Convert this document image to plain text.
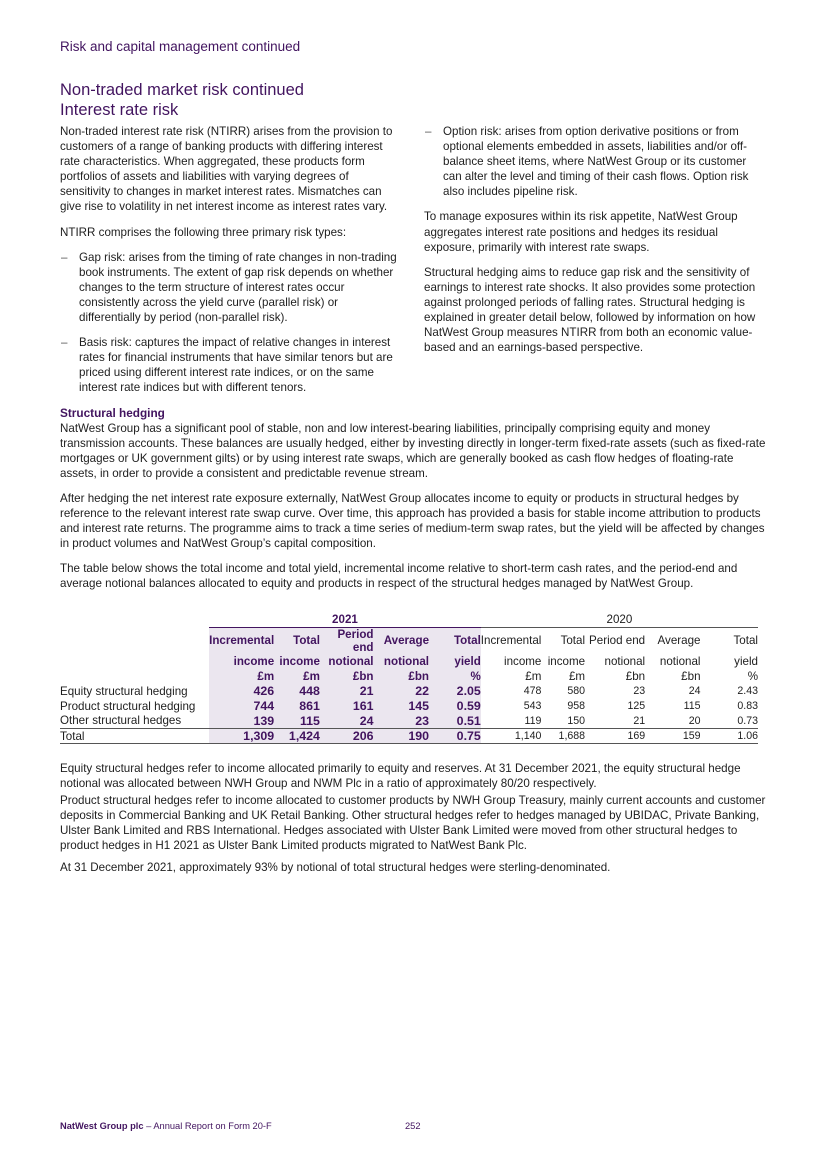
Risk and capital management continued
Non-traded market risk continued
Interest rate risk

Non-traded interest rate risk (NTIRR) arises from the provision to customers of a range of banking products with differing interest rate characteristics. When aggregated, these products form portfolios of assets and liabilities with varying degrees of sensitivity to changes in market interest rates. Mismatches can give rise to volatility in net interest income as interest rates vary.

NTIRR comprises the following three primary risk types:

– Gap risk: arises from the timing of rate changes in non-trading book instruments. The extent of gap risk depends on whether changes to the term structure of interest rates occur consistently across the yield curve (parallel risk) or differentially by period (non-parallel risk).
– Basis risk: captures the impact of relative changes in interest rates for financial instruments that have similar tenors but are priced using different interest rate indices, or on the same interest rate indices but with different tenors.
– Option risk: arises from option derivative positions or from optional elements embedded in assets, liabilities and/or off-balance sheet items, where NatWest Group or its customer can alter the level and timing of their cash flows. Option risk also includes pipeline risk.

To manage exposures within its risk appetite, NatWest Group aggregates interest rate positions and hedges its residual exposure, primarily with interest rate swaps.

Structural hedging aims to reduce gap risk and the sensitivity of earnings to interest rate shocks. It also provides some protection against prolonged periods of falling rates. Structural hedging is explained in greater detail below, followed by information on how NatWest Group measures NTIRR from both an economic value-based and an earnings-based perspective.

Structural hedging

NatWest Group has a significant pool of stable, non and low interest-bearing liabilities, principally comprising equity and money transmission accounts. These balances are usually hedged, either by investing directly in longer-term fixed-rate assets (such as fixed-rate mortgages or UK government gilts) or by using interest rate swaps, which are generally booked as cash flow hedges of floating-rate assets, in order to provide a consistent and predictable revenue stream.

After hedging the net interest rate exposure externally, NatWest Group allocates income to equity or products in structural hedges by reference to the relevant interest rate swap curve. Over time, this approach has provided a basis for stable income attribution to products and interest rate returns. The programme aims to track a time series of medium-term swap rates, but the yield will be affected by changes in product volumes and NatWest Group’s capital composition.

The table below shows the total income and total yield, incremental income relative to short-term cash rates, and the period-end and average notional balances allocated to equity and products in respect of the structural hedges managed by NatWest Group.

	2021					2020				
	Incremental	Total	Period end	Average	Total	Incremental	Total	Period end	Average	Total
	income	income	notional	notional	yield	income	income	notional	notional	yield
	£m	£m	£bn	£bn	%	£m	£m	£bn	£bn	%
Equity structural hedging	426	448	21	22	2.05	478	580	23	24	2.43
Product structural hedging	744	861	161	145	0.59	543	958	125	115	0.83
Other structural hedges	139	115	24	23	0.51	119	150	21	20	0.73
Total	1,309	1,424	206	190	0.75	1,140	1,688	169	159	1.06

Equity structural hedges refer to income allocated primarily to equity and reserves. At 31 December 2021, the equity structural hedge notional was allocated between NWH Group and NWM Plc in a ratio of approximately 80/20 respectively.

Product structural hedges refer to income allocated to customer products by NWH Group Treasury, mainly current accounts and customer deposits in Commercial Banking and UK Retail Banking. Other structural hedges refer to hedges managed by UBIDAC, Private Banking, Ulster Bank Limited and RBS International. Hedges associated with Ulster Bank Limited were moved from other structural hedges to product hedges in H1 2021 as Ulster Bank Limited products migrated to NatWest Bank Plc.

At 31 December 2021, approximately 93% by notional of total structural hedges were sterling-denominated.

NatWest Group plc – Annual Report on Form 20-F	252
